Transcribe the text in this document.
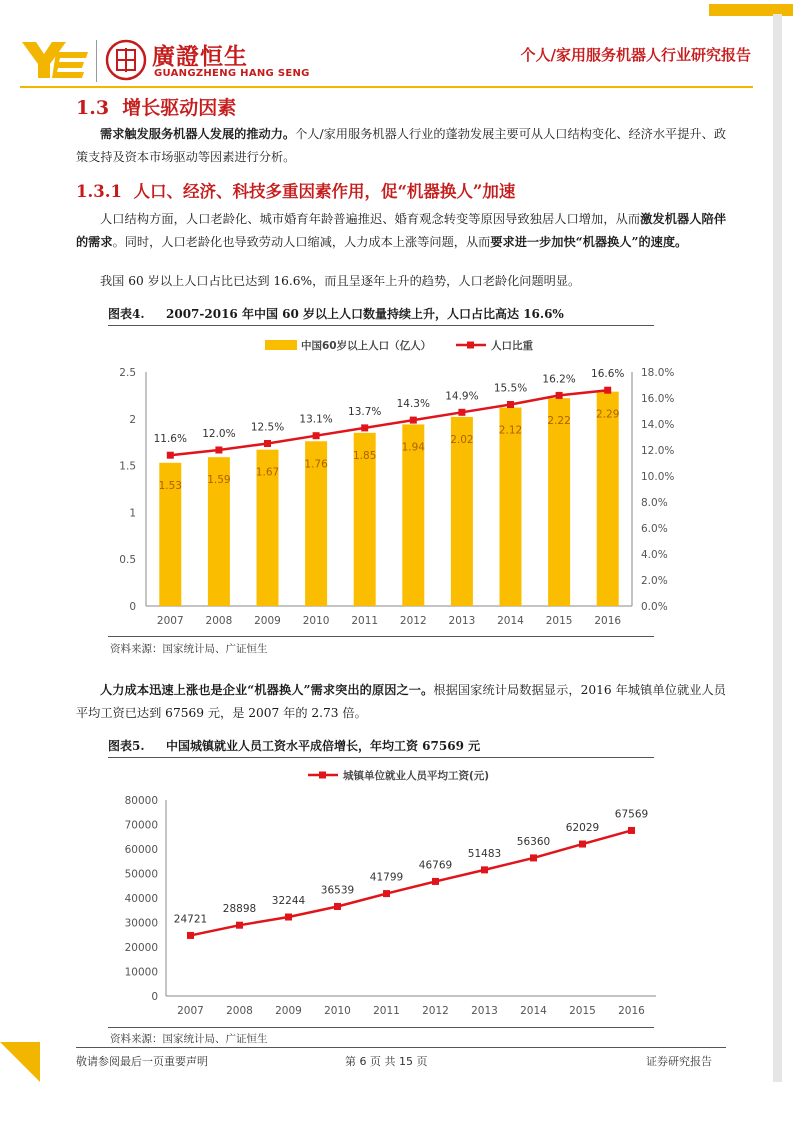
廣證恒生
GUANGZHENG HANG SENG
个人/家用服务机器人行业研究报告
1.3 增长驱动因素

需求触发服务机器人发展的推动力。个人/家用服务机器人行业的蓬勃发展主要可从人口结构变化、经济水平提升、政策支持及资本市场驱动等因素进行分析。

1.3.1 人口、经济、科技多重因素作用，促“机器换人”加速

人口结构方面，人口老龄化、城市婚育年龄普遍推迟、婚育观念转变等原因导致独居人口增加，从而激发机器人陪伴的需求。同时，人口老龄化也导致劳动人口缩减，人力成本上涨等问题，从而要求进一步加快“机器换人”的速度。

我国 60 岁以上人口占比已达到 16.6%，而且呈逐年上升的趋势，人口老龄化问题明显。

图表4. 2007-2016 年中国 60 岁以上人口数量持续上升，人口占比高达 16.6%
中国60岁以上人口（亿人）	人口比重
0
0.5
1
1.5
2
2.5
0.0%
2.0%
4.0%
6.0%
8.0%
10.0%
12.0%
14.0%
16.0%
18.0%
2007 2008 2009 2010 2011 2012 2013 2014 2015 2016
1.53 1.59
1.67
1.76
1.85
1.94
2.02
2.12
2.22
2.29
11.6% 12.0%
12.5%
13.1%
13.7%
14.3%
14.9%
15.5%
16.2% 16.6%
资料来源：国家统计局、广证恒生

人力成本迅速上涨也是企业“机器换人”需求突出的原因之一。根据国家统计局数据显示，2016 年城镇单位就业人员平均工资已达到 67569 元，是 2007 年的 2.73 倍。

图表5. 中国城镇就业人员工资水平成倍增长，年均工资 67569 元
城镇单位就业人员平均工资(元)
0
10000
20000
30000
40000
50000
60000
70000
80000
2007 2008 2009 2010 2011 2012 2013 2014 2015 2016
24721
28898
32244
36539
41799
46769
51483
56360
62029
67569
资料来源：国家统计局、广证恒生
敬请参阅最后一页重要声明	第 6 页 共 15 页	证券研究报告
